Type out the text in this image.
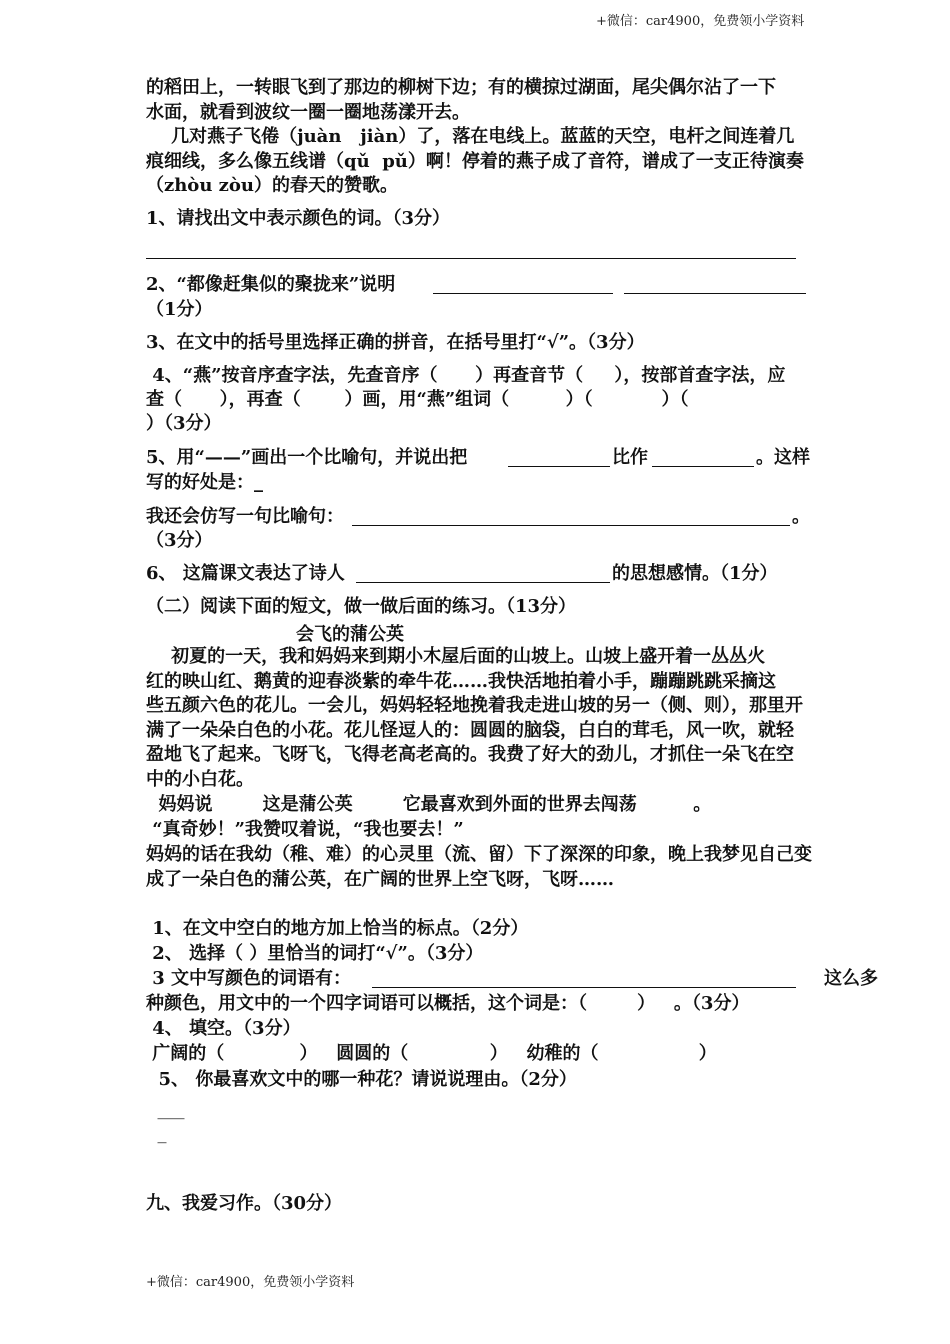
+微信：car4900，免费领小学资料
的稻田上，一转眼飞到了那边的柳树下边；有的横掠过湖面，尾尖偶尔沾了一下
水面，就看到波纹一圈一圈地荡漾开去。
几对燕子飞倦（juàn   jiàn）了，落在电线上。蓝蓝的天空，电杆之间连着几
痕细线，多么像五线谱（qǔ  pǔ）啊！停着的燕子成了音符，谱成了一支正待演奏
（zhòu zòu）的春天的赞歌。
1、请找出文中表示颜色的词。（3分）
2、“都像赶集似的聚拢来”说明
（1分）
3、在文中的括号里选择正确的拼音，在括号里打“√”。（3分）
4、“燕”按音序查字法，先查音序（      ）再查音节（     ），按部首查字法，应
查（      ），再查（       ）画，用“燕”组词（         ）（           ）（
）（3分）
5、用“——”画出一个比喻句，并说出把	比作	。这样
写的好处是：_
我还会仿写一句比喻句：	。
（3分）
6、 这篇课文表达了诗人	的思想感情。（1分）
（二）阅读下面的短文，做一做后面的练习。（13分）
会飞的蒲公英
初夏的一天，我和妈妈来到期小木屋后面的山坡上。山坡上盛开着一丛丛火
红的映山红、鹅黄的迎春淡紫的牵牛花……我快活地拍着小手，蹦蹦跳跳采摘这
些五颜六色的花儿。一会儿，妈妈轻轻地挽着我走进山坡的另一（侧、则），那里开
满了一朵朵白色的小花。花儿怪逗人的：圆圆的脑袋，白白的茸毛，风一吹，就轻
盈地飞了起来。飞呀飞，飞得老高老高的。我费了好大的劲儿，才抓住一朵飞在空
中的小白花。
妈妈说        这是蒲公英        它最喜欢到外面的世界去闯荡         。
“真奇妙！”我赞叹着说，“我也要去！”
妈妈的话在我幼（稚、难）的心灵里（流、留）下了深深的印象，晚上我梦见自己变
成了一朵白色的蒲公英，在广阔的世界上空飞呀，飞呀……
1、在文中空白的地方加上恰当的标点。（2分）
2、 选择（ ）里恰当的词打“√”。（3分）
3 文中写颜色的词语有：	这么多
种颜色，用文中的一个四字词语可以概括，这个词是：（        ）   。（3分）
4、 填空。（3分）
广阔的（            ）   圆圆的（             ）   幼稚的（                ）
5、 你最喜欢文中的哪一种花？请说说理由。（2分）
___
_
九、我爱习作。（30分）
+微信：car4900，免费领小学资料
